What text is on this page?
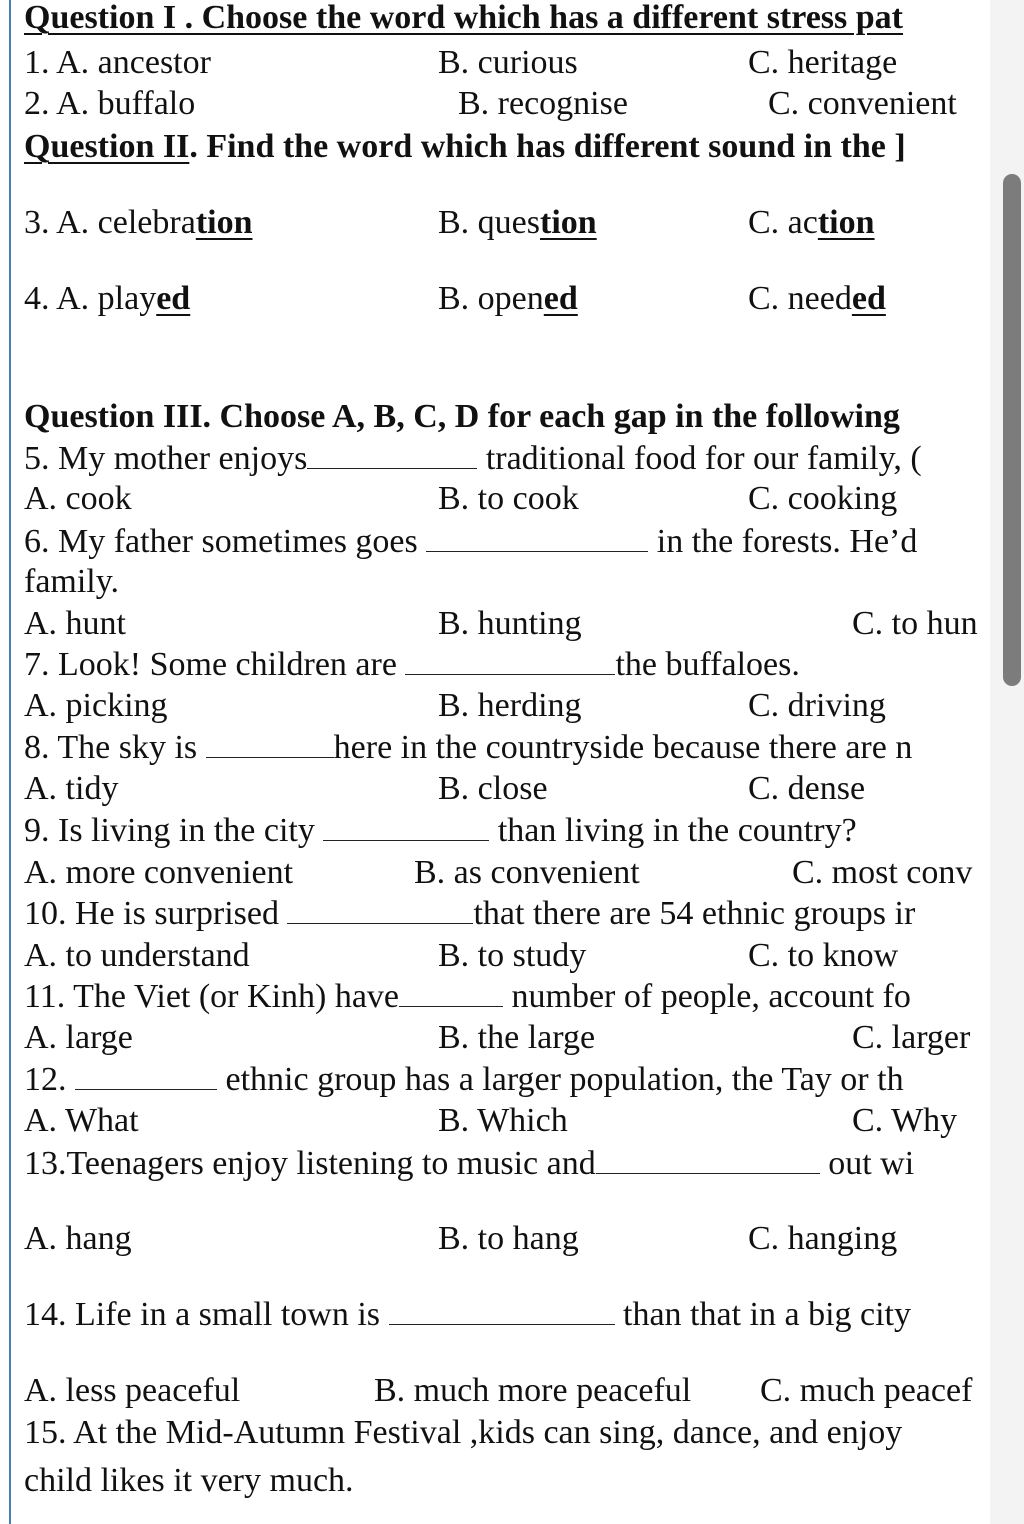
Question I . Choose the word which has a different stress pat
1. A. ancestor	B. curious	C. heritage
2. A. buffalo	B. recognise	C. convenient
Question II. Find the word which has different sound in the ]
3. A. celebration	B. question	C. action
4. A. played	B. opened	C. needed
Question III. Choose A, B, C, D for each gap in the following
5. My mother enjoys	traditional food for our family, (
A. cook	B. to cook	C. cooking
6. My father sometimes goes	in the forests. He’d
family.
A. hunt	B. hunting	C. to hun
7. Look! Some children are	the buffaloes.
A. picking	B. herding	C. driving
8. The sky is	here in the countryside because there are n
A. tidy	B. close	C. dense
9. Is living in the city	than living in the country?
A. more convenient	B. as convenient	C. most conv
10. He is surprised	that there are 54 ethnic groups ir
A. to understand	B. to study	C. to know
11. The Viet (or Kinh) have	number of people, account fo
A. large	B. the large	C. larger
12.	ethnic group has a larger population, the Tay or th
A. What	B. Which	C. Why
13.Teenagers enjoy listening to music and	out wi
A. hang	B. to hang	C. hanging
14. Life in a small town is	than that in a big city
A. less peaceful	B. much more peaceful C. much peacef
15. At the Mid-Autumn Festival ,kids can sing, dance, and enjoy
child likes it very much.
